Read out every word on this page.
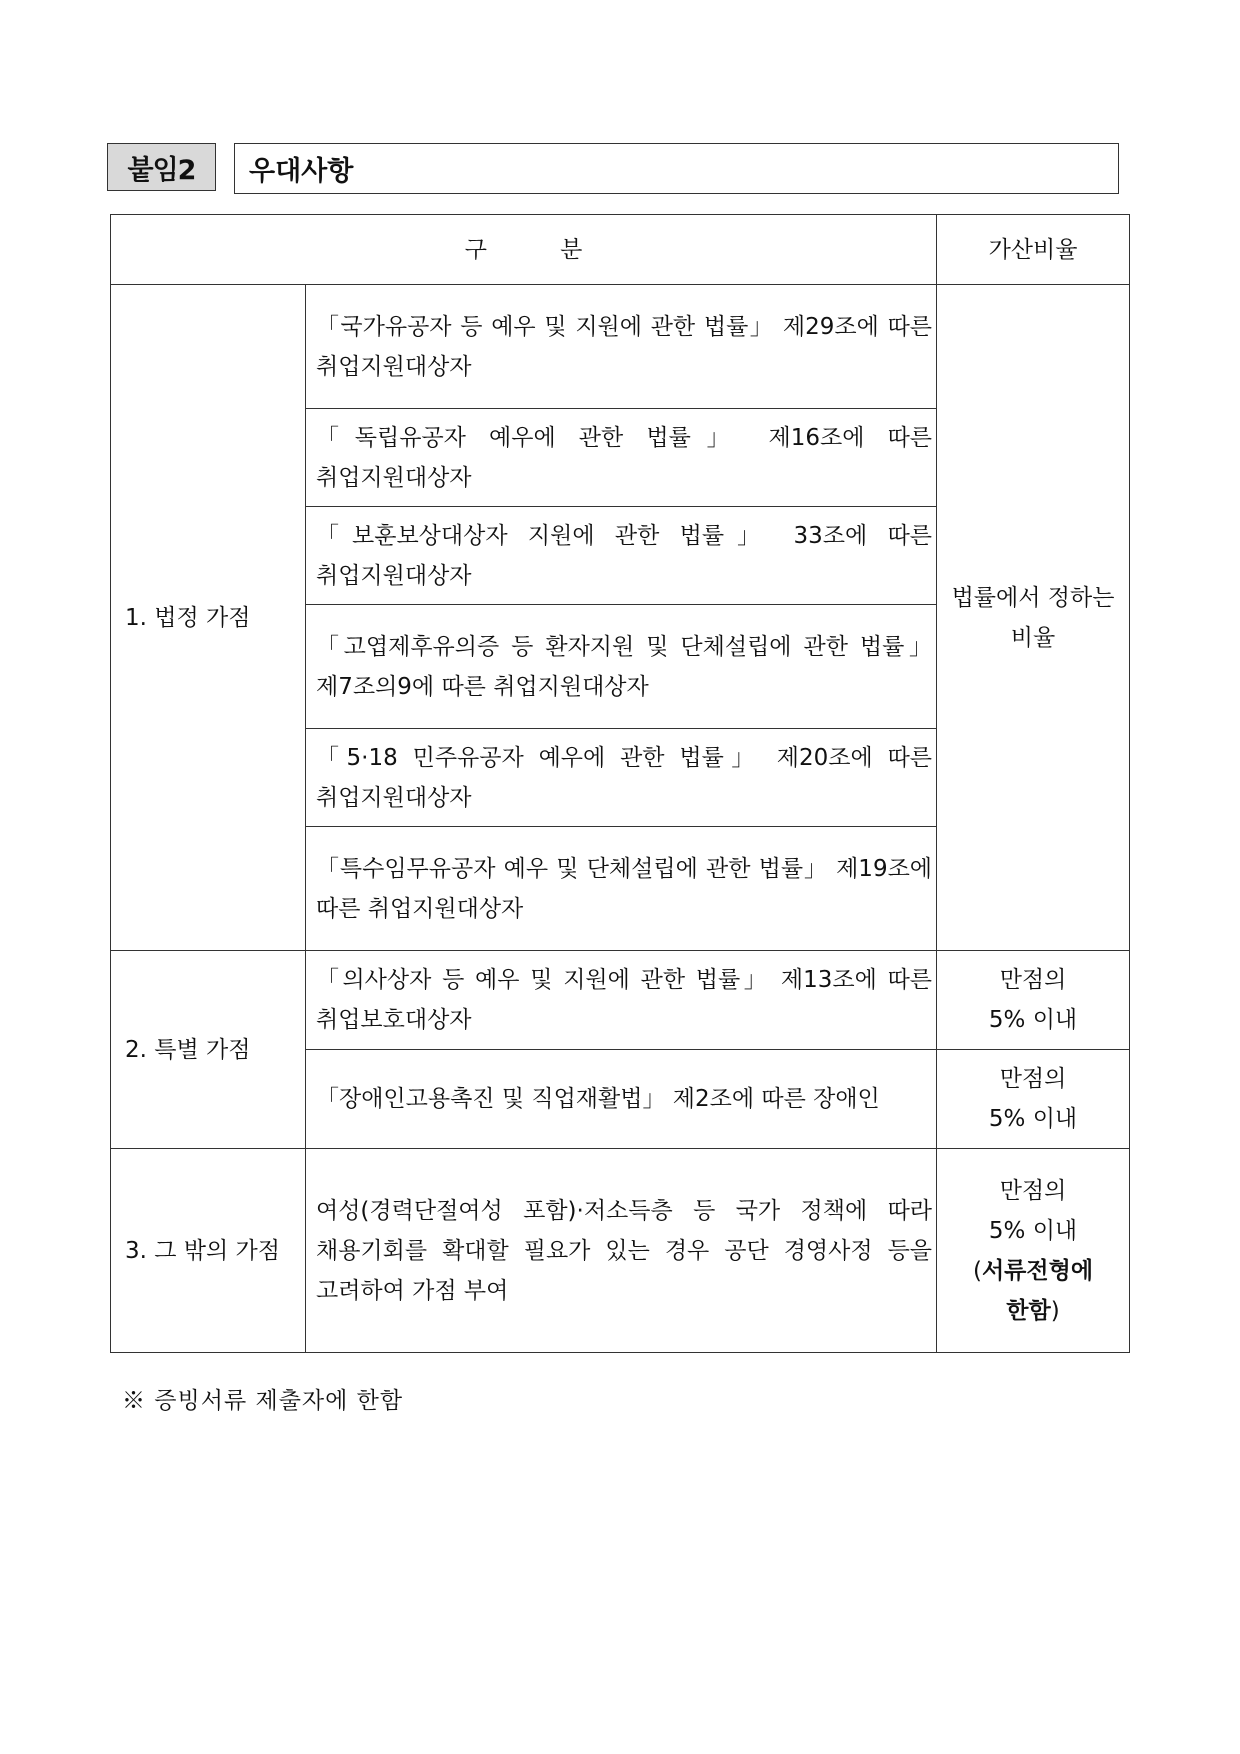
붙임2	우대사항
구          분		가산비율
1. 법정 가점	「국가유공자 등 예우 및 지원에 관한 법률」 제29조에 따른 취업지원대상자	법률에서 정하는 비율
	「독립유공자 예우에 관한 법률」 제16조에 따른 취업지원대상자	
	「보훈보상대상자 지원에 관한 법률」 33조에 따른 취업지원대상자	
	「고엽제후유의증 등 환자지원 및 단체설립에 관한 법률」 제7조의9에 따른 취업지원대상자	
	「5·18 민주유공자 예우에 관한 법률」 제20조에 따른 취업지원대상자	
	「특수임무유공자 예우 및 단체설립에 관한 법률」 제19조에 따른 취업지원대상자	
2. 특별 가점	「의사상자 등 예우 및 지원에 관한 법률」 제13조에 따른 취업보호대상자	만점의
5% 이내

	「장애인고용촉진 및 직업재활법」 제2조에 따른 장애인	만점의
5% 이내

3. 그 밖의 가점	여성(경력단절여성 포함)·저소득층 등 국가 정책에 따라 채용기회를 확대할 필요가 있는 경우 공단 경영사정 등을 고려하여 가점 부여	만점의
5% 이내
(서류전형에
한함)
※ 증빙서류 제출자에 한함
